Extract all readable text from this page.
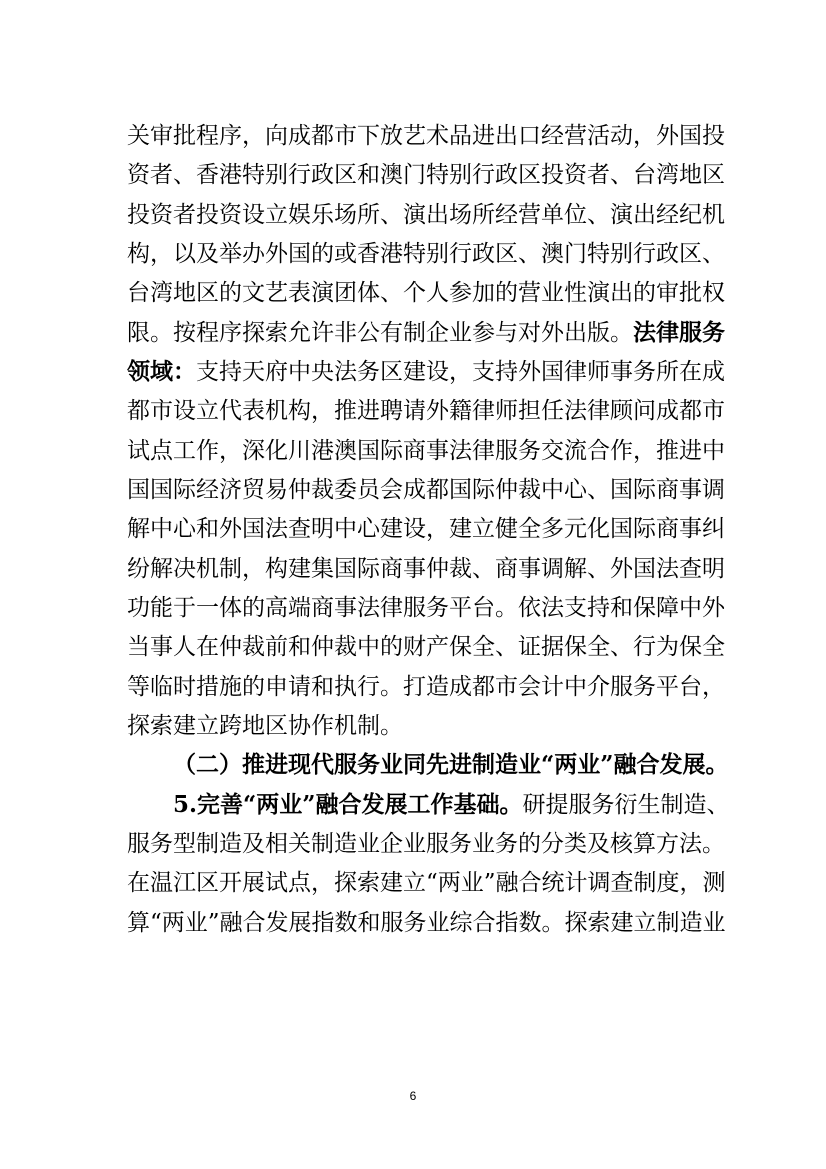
关审批程序，向成都市下放艺术品进出口经营活动，外国投
资者、香港特别行政区和澳门特别行政区投资者、台湾地区
投资者投资设立娱乐场所、演出场所经营单位、演出经纪机
构，以及举办外国的或香港特别行政区、澳门特别行政区、
台湾地区的文艺表演团体、个人参加的营业性演出的审批权
限。按程序探索允许非公有制企业参与对外出版。法律服务
领域：支持天府中央法务区建设，支持外国律师事务所在成
都市设立代表机构，推进聘请外籍律师担任法律顾问成都市
试点工作，深化川港澳国际商事法律服务交流合作，推进中
国国际经济贸易仲裁委员会成都国际仲裁中心、国际商事调
解中心和外国法查明中心建设，建立健全多元化国际商事纠
纷解决机制，构建集国际商事仲裁、商事调解、外国法查明
功能于一体的高端商事法律服务平台。依法支持和保障中外
当事人在仲裁前和仲裁中的财产保全、证据保全、行为保全
等临时措施的申请和执行。打造成都市会计中介服务平台，
探索建立跨地区协作机制。
（二）推进现代服务业同先进制造业“两业”融合发展。
5.完善“两业”融合发展工作基础。研提服务衍生制造、
服务型制造及相关制造业企业服务业务的分类及核算方法。
在温江区开展试点，探索建立“两业”融合统计调查制度，测
算“两业”融合发展指数和服务业综合指数。探索建立制造业
6
